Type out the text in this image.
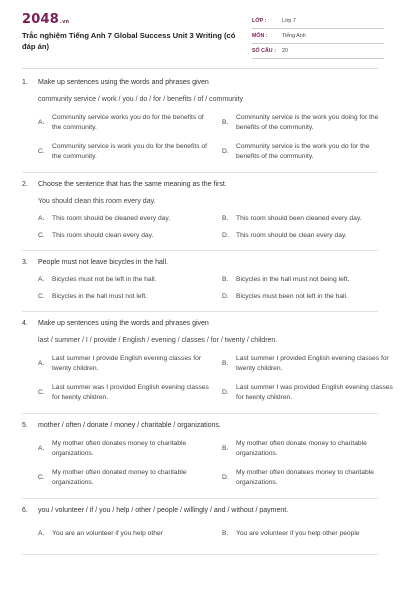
2048.vn
Trắc nghiệm Tiếng Anh 7 Global Success Unit 3 Writing (có đáp án)
LỚP :	Lớp 7
MÔN :	Tiếng Anh
SỐ CÂU :	20
1.	Make up sentences using the words and phrases given
community service / work / you / do / for / benefits / of / community
A.
Community service works you do for the benefits of the community.
B.
Community service is the work you doing for the benefits of the community.
C.
Community service is work you do for the benefits of the community.
D.
Community service is the work you do for the benefits of the community.
2.	Choose the sentence that has the same meaning as the first.
You should clean this room every day.
A.	This room should be cleaned every day.	B.	This room should been cleaned every day.
C.	This room should clean every day.	D.	This room should be clean every day.
3.	People must not leave bicycles in the hall.
A.	Bicycles must not be left in the hall.	B.	Bicycles in the hall must not being left.
C.	Bicycles in the hall must not left.	D.	Bicycles must been not left in the hall.
4.	Make up sentences using the words and phrases given
last / summer / I / provide / English / evening / classes / for / twenty / children.
A.
Last summer I provide English evening classes for twenty children.
B.
Last summer I provided English evening classes for twenty children.
C.
Last summer was I provided English evening classes for twenty children.
D.
Last summer I was provided English evening classes for twenty children.
5.	mother / often / donate / money / charitable / organizations.
A.
My mother often donates money to charitable organizations.
B.
My mother often donate money to charitable organizations.
C.
My mother often donated money to charitable organizations.
D.
My mother often donatees money to charitable organizations.
6.	you / volunteer / if / you / help / other / people / willingly / and / without / payment.
A.	You are an volunteer if you help other	B.	You are volunteer if you help other people
